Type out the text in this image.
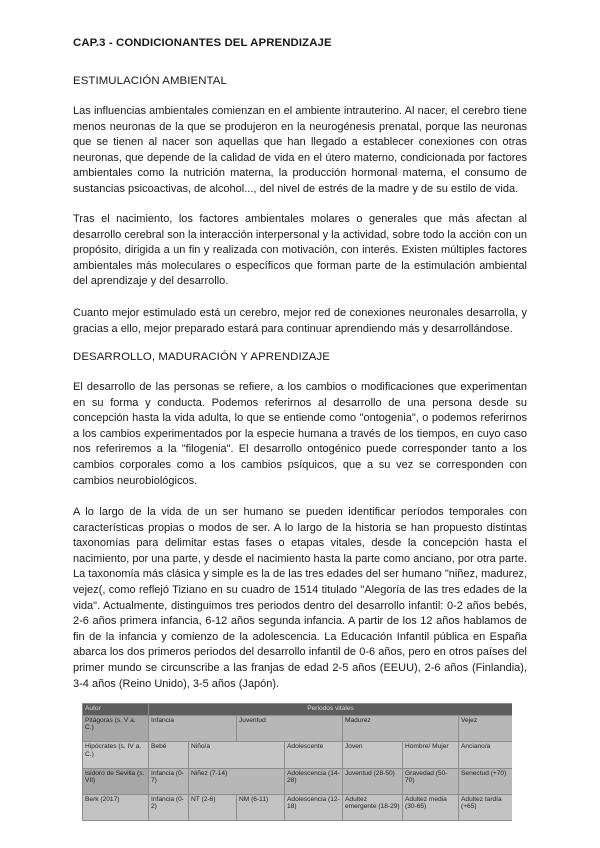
CAP.3 - CONDICIONANTES DEL APRENDIZAJE
ESTIMULACIÓN AMBIENTAL

Las influencias ambientales comienzan en el ambiente intrauterino. Al nacer, el cerebro tiene menos neuronas de la que se produjeron en la neurogénesis prenatal, porque las neuronas que se tienen al nacer son aquellas que han llegado a establecer conexiones con otras neuronas, que depende de la calidad de vida en el útero materno, condicionada por factores ambientales como la nutrición materna, la producción hormonal materna, el consumo de sustancias psicoactivas, de alcohol..., del nivel de estrés de la madre y de su estilo de vida.

Tras el nacimiento, los factores ambientales molares o generales que más afectan al desarrollo cerebral son la interacción interpersonal y la actividad, sobre todo la acción con un propósito, dirigida a un fin y realizada con motivación, con interés. Existen múltiples factores ambientales más moleculares o específicos que forman parte de la estimulación ambiental del aprendizaje y del desarrollo.

Cuanto mejor estimulado está un cerebro, mejor red de conexiones neuronales desarrolla, y gracias a ello, mejor preparado estará para continuar aprendiendo más y desarrollándose.

DESARROLLO, MADURACIÓN Y APRENDIZAJE

El desarrollo de las personas se refiere, a los cambios o modificaciones que experimentan en su forma y conducta. Podemos referirnos al desarrollo de una persona desde su concepción hasta la vida adulta, lo que se entiende como "ontogenia", o podemos referirnos a los cambios experimentados por la especie humana a través de los tiempos, en cuyo caso nos referiremos a la "filogenia". El desarrollo ontogénico puede corresponder tanto a los cambios corporales como a los cambios psíquicos, que a su vez se corresponden con cambios neurobiológicos.

A lo largo de la vida de un ser humano se pueden identificar períodos temporales con características propias o modos de ser. A lo largo de la historia se han propuesto distintas taxonomías para delimitar estas fases o etapas vitales, desde la concepción hasta el nacimiento, por una parte, y desde el nacimiento hasta la parte como anciano, por otra parte. La taxonomía más clásica y simple es la de las tres edades del ser humano "niñez, madurez, vejez(, como reflejó Tiziano en su cuadro de 1514 titulado "Alegoría de las tres edades de la vida". Actualmente, distinguimos tres periodos dentro del desarrollo infantil: 0-2 años bebés, 2-6 años primera infancia, 6-12 años segunda infancia. A partir de los 12 años hablamos de fin de la infancia y comienzo de la adolescencia. La Educación Infantil pública en España abarca los dos primeros periodos del desarrollo infantil de 0-6 años, pero en otros países del primer mundo se circunscribe a las franjas de edad 2-5 años (EEUU), 2-6 años (Finlandia), 3-4 años (Reino Unido), 3-5 años (Japón).

Autor	Periodos vitales						
Pitágoras (s. V a. C.)	Infancia		Juventud		Madurez		Vejez
Hipócrates (s. IV a. C.)	Bebé	Niño/a		Adolescente	Joven	Hombre/ Mujer	Anciano/a
Isidoro de Sevilla (s. VII)	Infancia (0-7)	Niñez (7-14)		Adolescencia (14-28)	Juventud (28-50)	Gravedad (50-70)	Senectud (+70)
Berk (2017)	Infancia (0-2)	NT (2-6)	NM (6-11)	Adolescencia (12-18)	Adultez emergente (18-29)	Adultez media (30-65)	Adultez tardía (+65)
